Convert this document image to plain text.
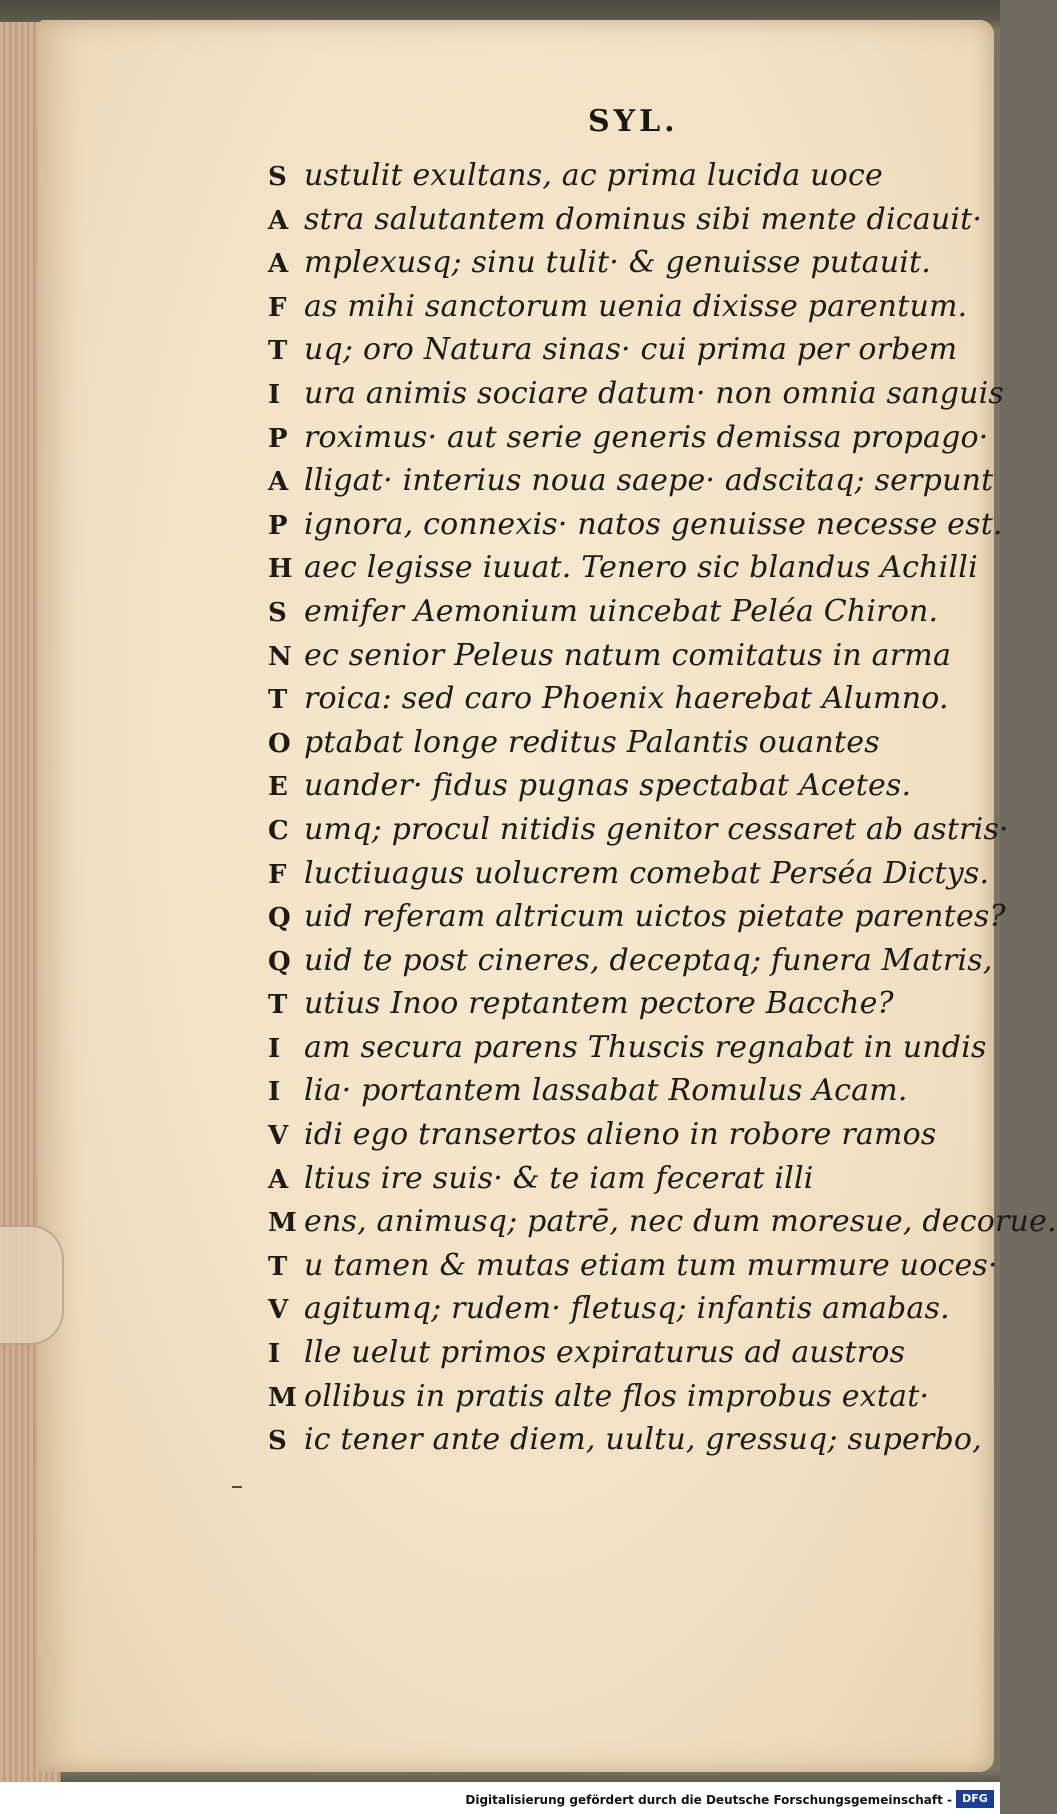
SYL.
S ustulit exultans, ac prima lucida uoce
A stra salutantem dominus sibi mente dicauit·
A mplexusq; sinu tulit· & genuisse putauit.
F as mihi sanctorum uenia dixisse parentum.
T uq; oro Natura sinas· cui prima per orbem
I ura animis sociare datum· non omnia sanguis
P roximus· aut serie generis demissa propago·
A lligat· interius noua saepe· adscitaq; serpunt
P ignora, connexis· natos genuisse necesse est.
H aec legisse iuuat. Tenero sic blandus Achilli
S emifer Aemonium uincebat Peléa Chiron.
N ec senior Peleus natum comitatus in arma
T roica: sed caro Phoenix haerebat Alumno.
O ptabat longe reditus Palantis ouantes
E uander· fidus pugnas spectabat Acetes.
C umq; procul nitidis genitor cessaret ab astris·
F luctiuagus uolucrem comebat Perséa Dictys.
Q uid referam altricum uictos pietate parentes?
Q uid te post cineres, deceptaq; funera Matris,
T utius Inoo reptantem pectore Bacche?
I am secura parens Thuscis regnabat in undis
I lia· portantem lassabat Romulus Acam.
V idi ego transertos alieno in robore ramos
A ltius ire suis· & te iam fecerat illi
M ens, animusq; patrē, nec dum moresue, decorue.
T u tamen & mutas etiam tum murmure uoces·
V agitumq; rudem· fletusq; infantis amabas.
I lle uelut primos expiraturus ad austros
M ollibus in pratis alte flos improbus extat·
S ic tener ante diem, uultu, gressuq; superbo,
Digitalisierung gefördert durch die Deutsche Forschungsgemeinschaft - DFG
